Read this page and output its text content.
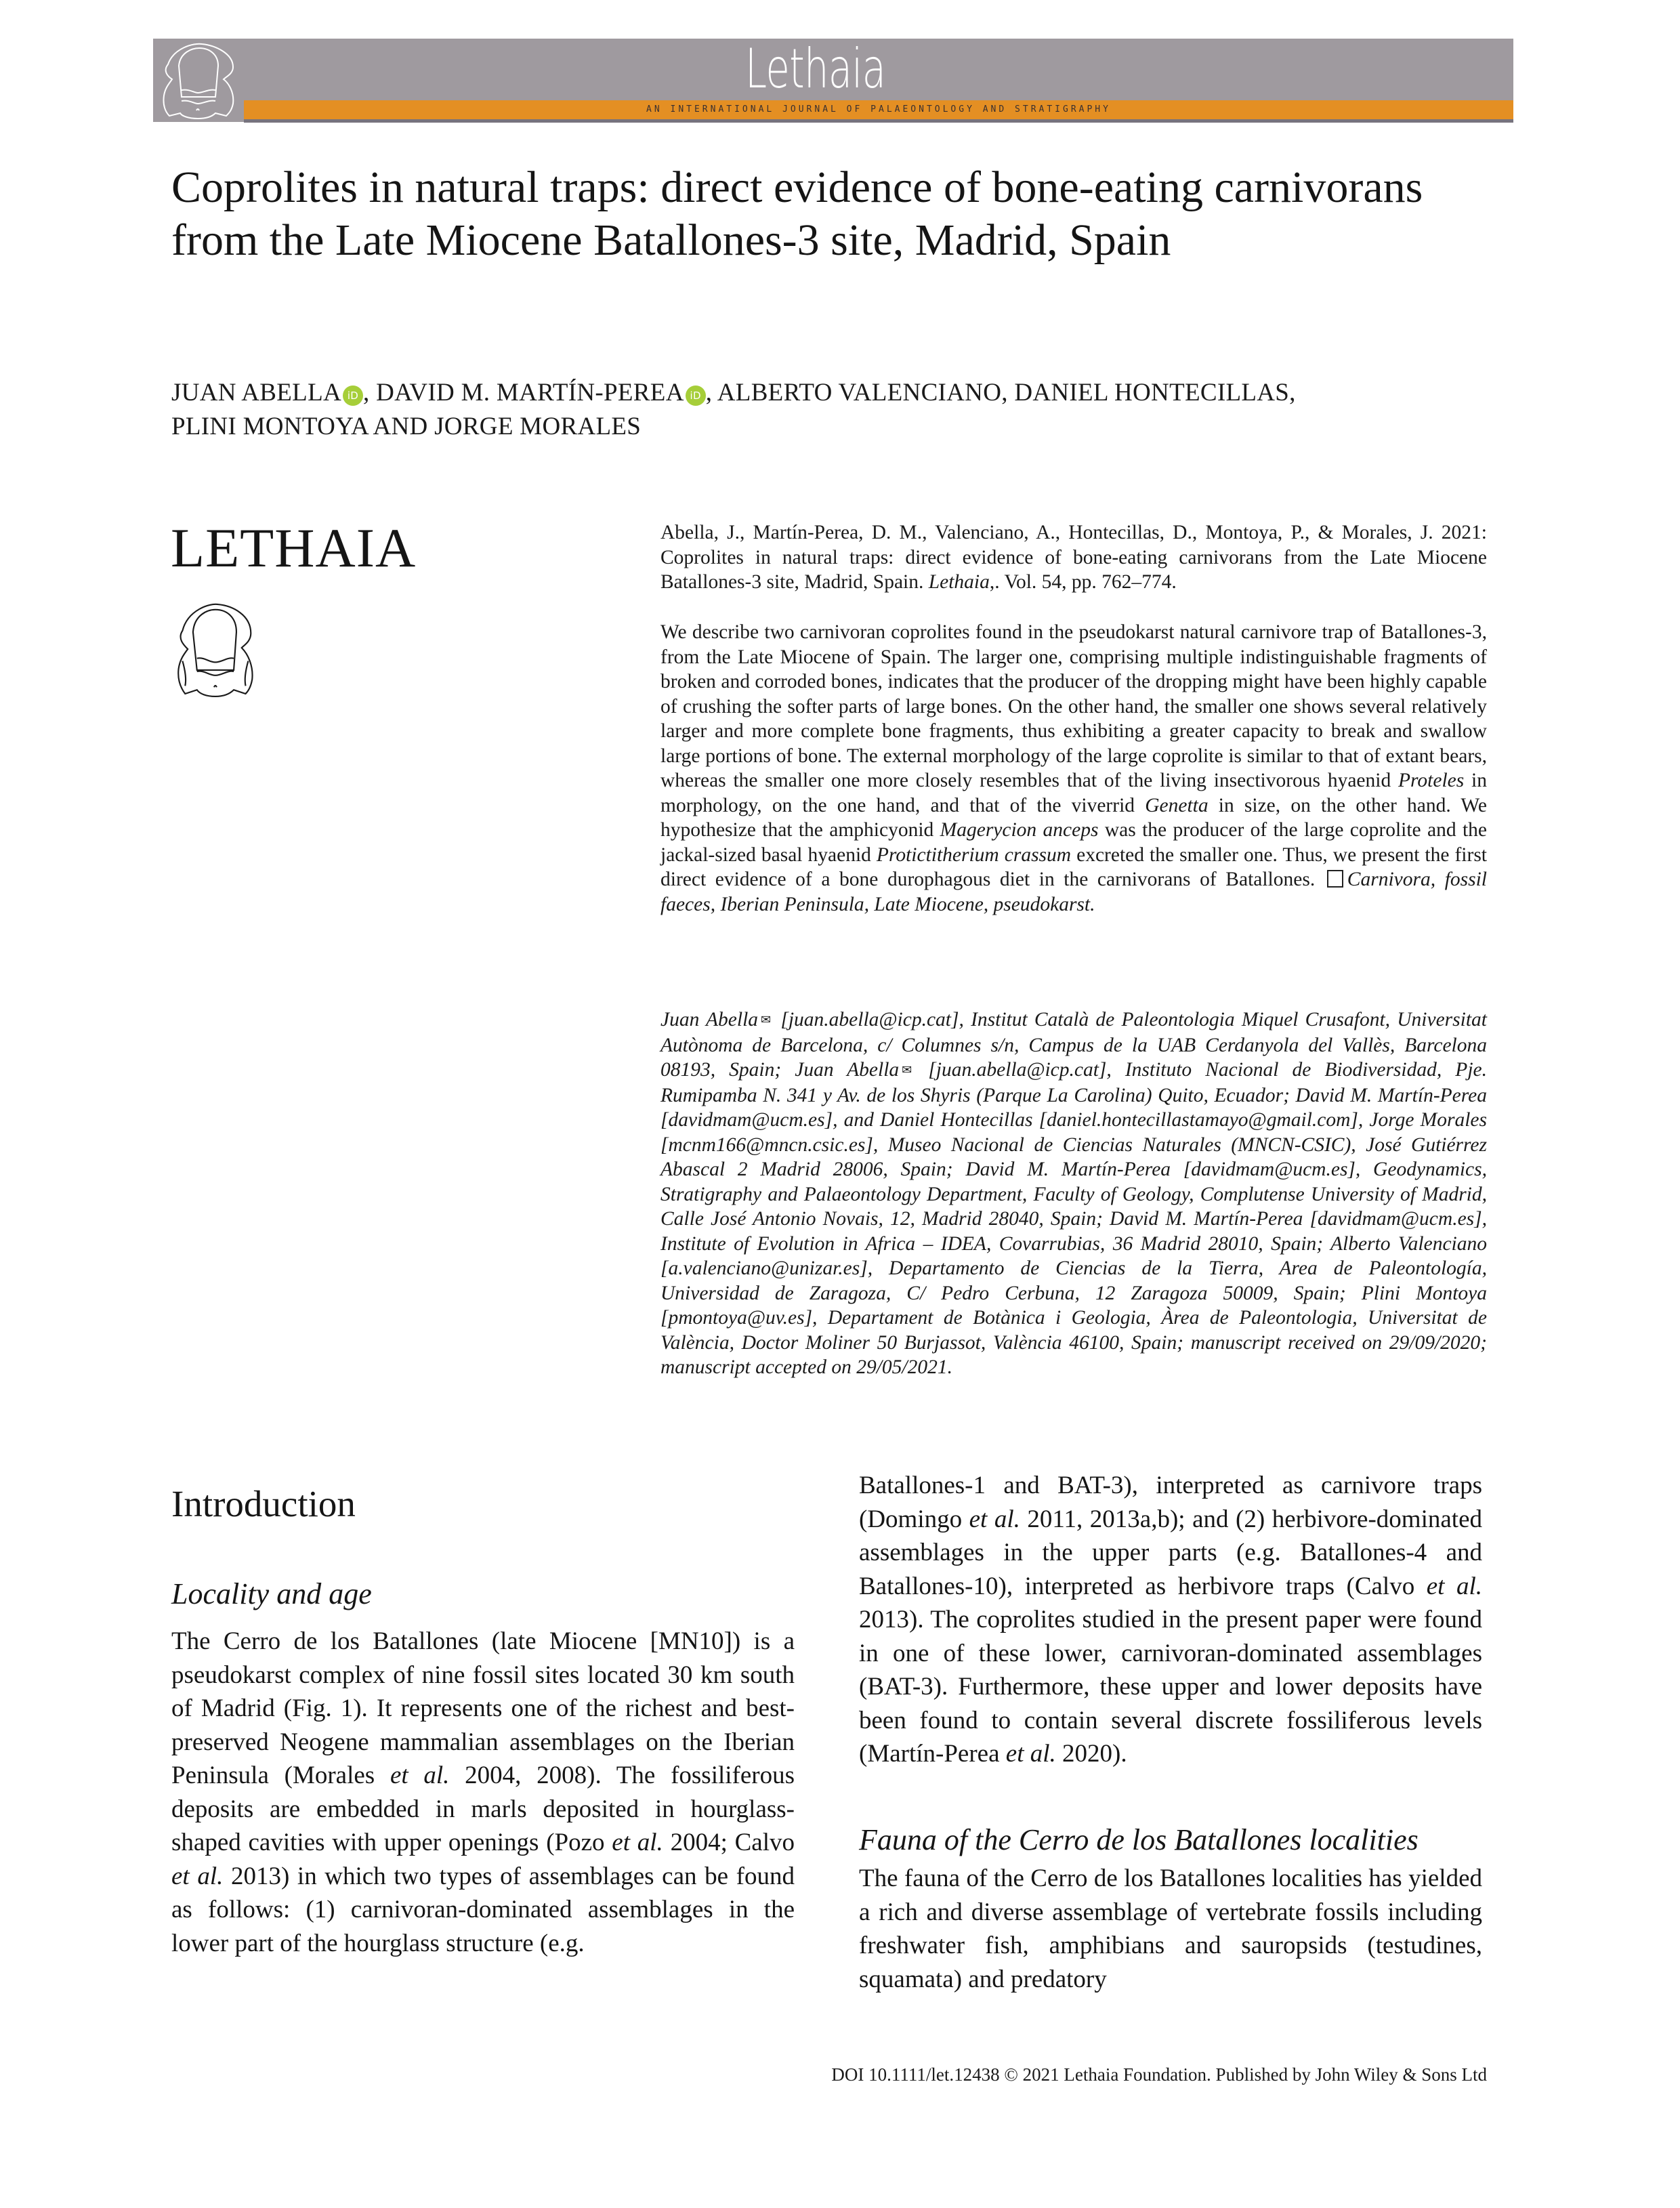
Lethaia
AN INTERNATIONAL JOURNAL OF PALAEONTOLOGY AND STRATIGRAPHY
Coprolites in natural traps: direct evidence of bone-eating carnivorans from the Late Miocene Batallones-3 site, Madrid, Spain
JUAN ABELLA iD , DAVID M. MARTÍN-PEREA iD , ALBERTO VALENCIANO, DANIEL HONTECILLAS,
PLINI MONTOYA AND JORGE MORALES
LETHAIA	Abella, J., Martín-Perea, D. M., Valenciano, A., Hontecillas, D., Montoya, P., & Morales, J. 2021: Coprolites in natural traps: direct evidence of bone-eating carnivorans from the Late Miocene Batallones-3 site, Madrid, Spain. Lethaia,. Vol. 54, pp. 762–774.
We describe two carnivoran coprolites found in the pseudokarst natural carnivore trap of Batallones-3, from the Late Miocene of Spain. The larger one, comprising multiple indistinguishable fragments of broken and corroded bones, indicates that the producer of the dropping might have been highly capable of crushing the softer parts of large bones. On the other hand, the smaller one shows several relatively larger and more complete bone fragments, thus exhibiting a greater capacity to break and swallow large portions of bone. The external morphology of the large coprolite is similar to that of extant bears, whereas the smaller one more closely resembles that of the living insectivorous hyaenid Proteles in morphology, on the one hand, and that of the viverrid Genetta in size, on the other hand. We hypothesize that the amphicyonid Magerycion anceps was the producer of the large coprolite and the jackal-sized basal hyaenid Protictitherium crassum excreted the smaller one. Thus, we present the first direct evidence of a bone durophagous diet in the carnivorans of Batallones. Carnivora, fossil faeces, Iberian Peninsula, Late Miocene, pseudokarst.
Juan Abella ✉ [juan.abella@icp.cat], Institut Català de Paleontologia Miquel Crusafont, Universitat Autònoma de Barcelona, c/ Columnes s/n, Campus de la UAB Cerdanyola del Vallès, Barcelona 08193, Spain; Juan Abella ✉ [juan.abella@icp.cat], Instituto Nacional de Biodiversidad, Pje. Rumipamba N. 341 y Av. de los Shyris (Parque La Carolina) Quito, Ecuador; David M. Martín-Perea [davidmam@ucm.es], and Daniel Hontecillas [daniel.hontecillastamayo@gmail.com], Jorge Morales [mcnm166@mncn.csic.es], Museo Nacional de Ciencias Naturales (MNCN-CSIC), José Gutiérrez Abascal 2 Madrid 28006, Spain; David M. Martín-Perea [davidmam@ucm.es], Geodynamics, Stratigraphy and Palaeontology Department, Faculty of Geology, Complutense University of Madrid, Calle José Antonio Novais, 12, Madrid 28040, Spain; David M. Martín-Perea [davidmam@ucm.es], Institute of Evolution in Africa – IDEA, Covarrubias, 36 Madrid 28010, Spain; Alberto Valenciano [a.valenciano@unizar.es], Departamento de Ciencias de la Tierra, Area de Paleontología, Universidad de Zaragoza, C/ Pedro Cerbuna, 12 Zaragoza 50009, Spain; Plini Montoya [pmontoya@uv.es], Departament de Botànica i Geologia, Àrea de Paleontologia, Universitat de València, Doctor Moliner 50 Burjassot, València 46100, Spain; manuscript received on 29/09/2020; manuscript accepted on 29/05/2021.
Introduction
Locality and age
The Cerro de los Batallones (late Miocene [MN10]) is a pseudokarst complex of nine fossil sites located 30 km south of Madrid (Fig. 1). It represents one of the richest and best-preserved Neogene mammalian assemblages on the Iberian Peninsula (Morales et al. 2004, 2008). The fossiliferous deposits are embedded in marls deposited in hourglass-shaped cavities with upper openings (Pozo et al. 2004; Calvo et al. 2013) in which two types of assemblages can be found as follows: (1) carnivoran-dominated assemblages in the lower part of the hourglass structure (e.g.
Batallones-1 and BAT-3), interpreted as carnivore traps (Domingo et al. 2011, 2013a,b); and (2) herbivore-dominated assemblages in the upper parts (e.g. Batallones-4 and Batallones-10), interpreted as herbivore traps (Calvo et al. 2013). The coprolites studied in the present paper were found in one of these lower, carnivoran-dominated assemblages (BAT-3). Furthermore, these upper and lower deposits have been found to contain several discrete fossiliferous levels (Martín-Perea et al. 2020).
Fauna of the Cerro de los Batallones localities
The fauna of the Cerro de los Batallones localities has yielded a rich and diverse assemblage of vertebrate fossils including freshwater fish, amphibians and sauropsids (testudines, squamata) and predatory
DOI 10.1111/let.12438 © 2021 Lethaia Foundation. Published by John Wiley & Sons Ltd
